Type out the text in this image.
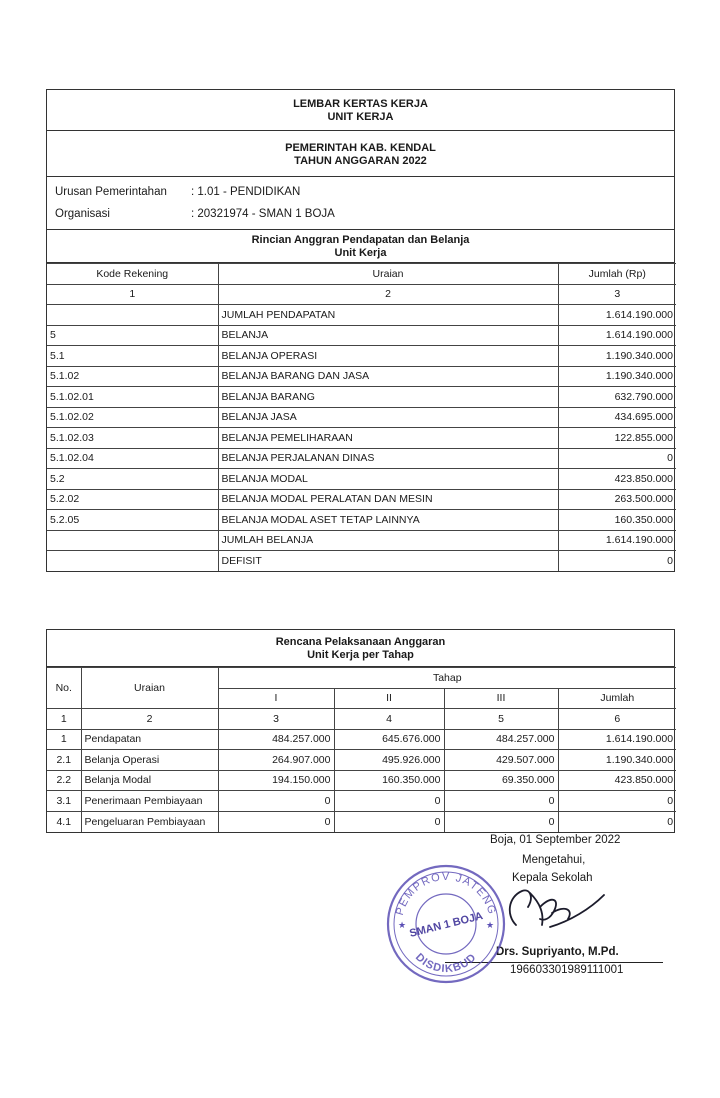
LEMBAR KERTAS KERJA
UNIT KERJA
PEMERINTAH KAB. KENDAL
TAHUN ANGGARAN 2022
Urusan Pemerintahan : 1.01 - PENDIDIKAN
Organisasi	: 20321974 - SMAN 1 BOJA
Rincian Anggran Pendapatan dan Belanja
Unit Kerja
Kode Rekening	Uraian	Jumlah (Rp)
1	2	3
	JUMLAH PENDAPATAN	1.614.190.000
5	BELANJA	1.614.190.000
5.1	BELANJA OPERASI	1.190.340.000
5.1.02	BELANJA BARANG DAN JASA	1.190.340.000
5.1.02.01	BELANJA BARANG	632.790.000
5.1.02.02	BELANJA JASA	434.695.000
5.1.02.03	BELANJA PEMELIHARAAN	122.855.000
5.1.02.04	BELANJA PERJALANAN DINAS	0
5.2	BELANJA MODAL	423.850.000
5.2.02	BELANJA MODAL PERALATAN DAN MESIN	263.500.000
5.2.05	BELANJA MODAL ASET TETAP LAINNYA	160.350.000
	JUMLAH BELANJA	1.614.190.000
	DEFISIT	0
Rencana Pelaksanaan Anggaran
Unit Kerja per Tahap
No.	Uraian	Tahap			
		I	II	III	Jumlah
1	2	3	4	5	6
1	Pendapatan	484.257.000	645.676.000	484.257.000	1.614.190.000
2.1	Belanja Operasi	264.907.000	495.926.000	429.507.000	1.190.340.000
2.2	Belanja Modal	194.150.000	160.350.000	69.350.000	423.850.000
3.1	Penerimaan Pembiayaan	0	0	0	0
4.1	Pengeluaran Pembiayaan	0	0	0	0
Boja, 01 September 2022
Mengetahui,
Kepala Sekolah
Drs. Supriyanto, M.Pd.
196603301989111001
PEMPROV JATENG
SMAN 1 BOJA
DISDIKBUD
★	★
